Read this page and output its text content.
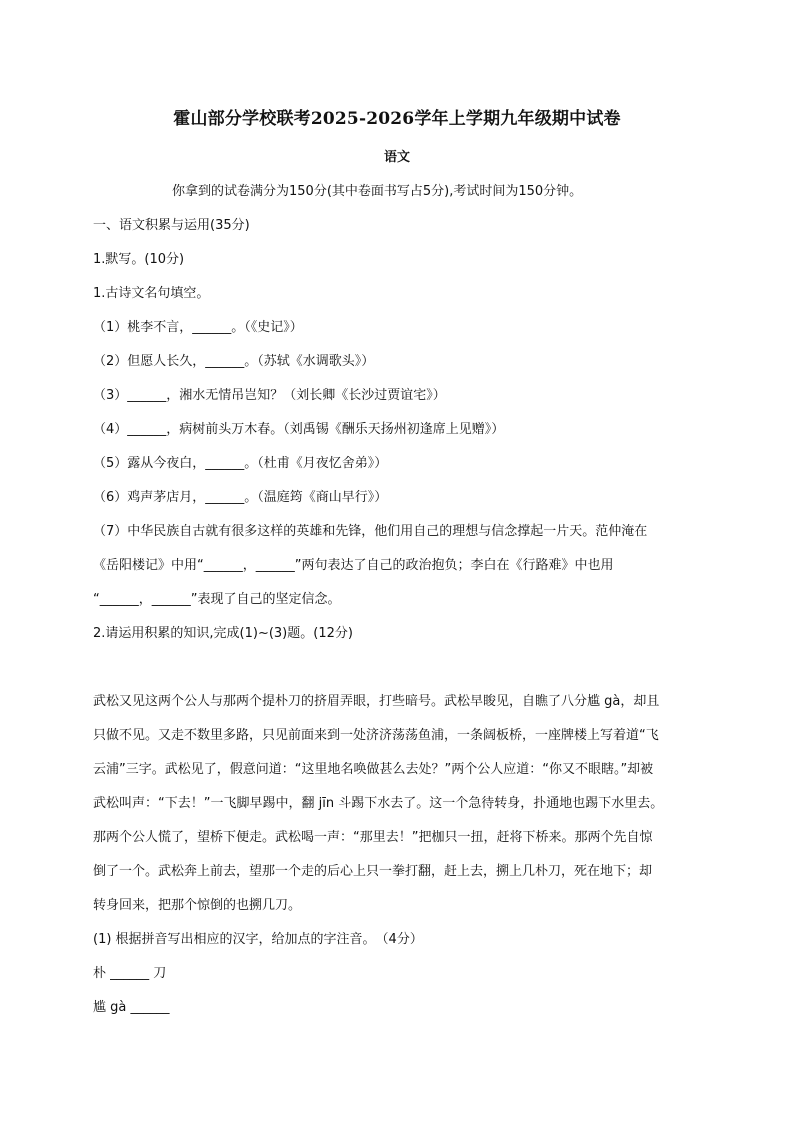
霍山部分学校联考2025-2026学年上学期九年级期中试卷
语文
你拿到的试卷满分为150分(其中卷面书写占5分),考试时间为150分钟。
一、语文积累与运用(35分)
1.默写。(10分)
1.古诗文名句填空。
（1）桃李不言，______。（《史记》）
（2）但愿人长久，______。（苏轼《水调歌头》）
（3）______，湘水无情吊岂知？（刘长卿《长沙过贾谊宅》）
（4）______，病树前头万木春。（刘禹锡《酬乐天扬州初逢席上见赠》）
（5）露从今夜白，______。（杜甫《月夜忆舍弟》）
（6）鸡声茅店月，______。（温庭筠《商山早行》）
（7）中华民族自古就有很多这样的英雄和先锋，他们用自己的理想与信念撑起一片天。范仲淹在
《岳阳楼记》中用“______，______”两句表达了自己的政治抱负；李白在《行路难》中也用
“______，______”表现了自己的坚定信念。
2.请运用积累的知识,完成(1)~(3)题。(12分)
武松又见这两个公人与那两个提朴刀的挤眉弄眼，打些暗号。武松早睃见，自瞧了八分尴 gà，却且
只做不见。又走不数里多路，只见前面来到一处济济荡荡鱼浦，一条阔板桥，一座牌楼上写着道“飞
云浦”三字。武松见了，假意问道：“这里地名唤做甚么去处？”两个公人应道：“你又不眼瞎。”却被
武松叫声：“下去！”一飞脚早踢中，翻 jīn 斗踢下水去了。这一个急待转身，扑通地也踢下水里去。
那两个公人慌了，望桥下便走。武松喝一声：“那里去！”把枷只一扭，赶将下桥来。那两个先自惊
倒了一个。武松奔上前去，望那一个走的后心上只一拳打翻，赶上去，搠上几朴刀，死在地下；却
转身回来，把那个惊倒的也搠几刀。
(1) 根据拼音写出相应的汉字，给加点的字注音。　（4分）
朴 ______ 刀
尴 gà ______
